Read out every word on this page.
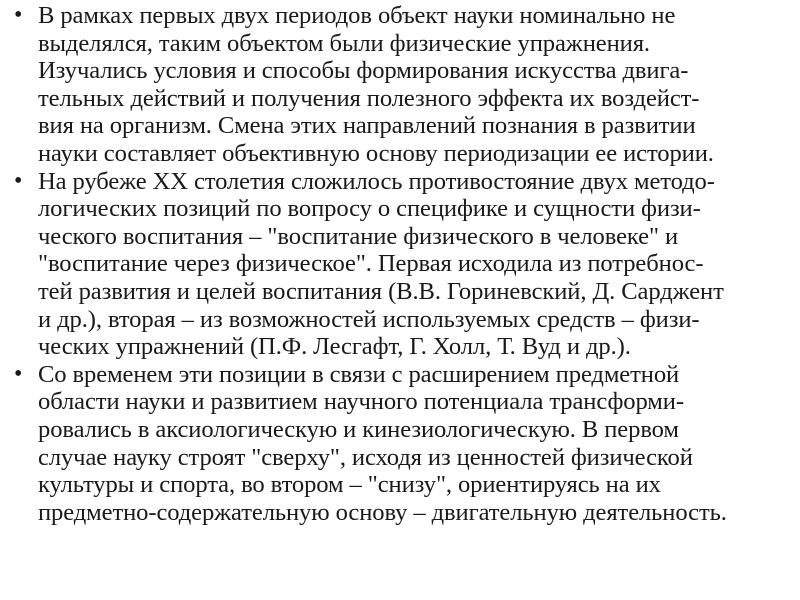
• В рамках первых двух периодов объект науки номинально не
выделялся, таким объектом были физические упражнения.
Изучались условия и способы формирования искусства двига-
тельных действий и получения полезного эффекта их воздейст-
вия на организм. Смена этих направлений познания в развитии
науки составляет объективную основу периодизации ее истории.
• На рубеже XX столетия сложилось противостояние двух методо-
логических позиций по вопросу о специфике и сущности физи-
ческого воспитания – "воспитание физического в человеке" и
"воспитание через физическое". Первая исходила из потребнос-
тей развития и целей воспитания (В.В. Гориневский, Д. Сарджент
и др.), вторая – из возможностей используемых средств – физи-
ческих упражнений (П.Ф. Лесгафт, Г. Холл, Т. Вуд и др.).
• Со временем эти позиции в связи с расширением предметной
области науки и развитием научного потенциала трансформи-
ровались в аксиологическую и кинезиологическую. В первом
случае науку строят "сверху", исходя из ценностей физической
культуры и спорта, во втором – "снизу", ориентируясь на их
предметно-содержательную основу – двигательную деятельность.
